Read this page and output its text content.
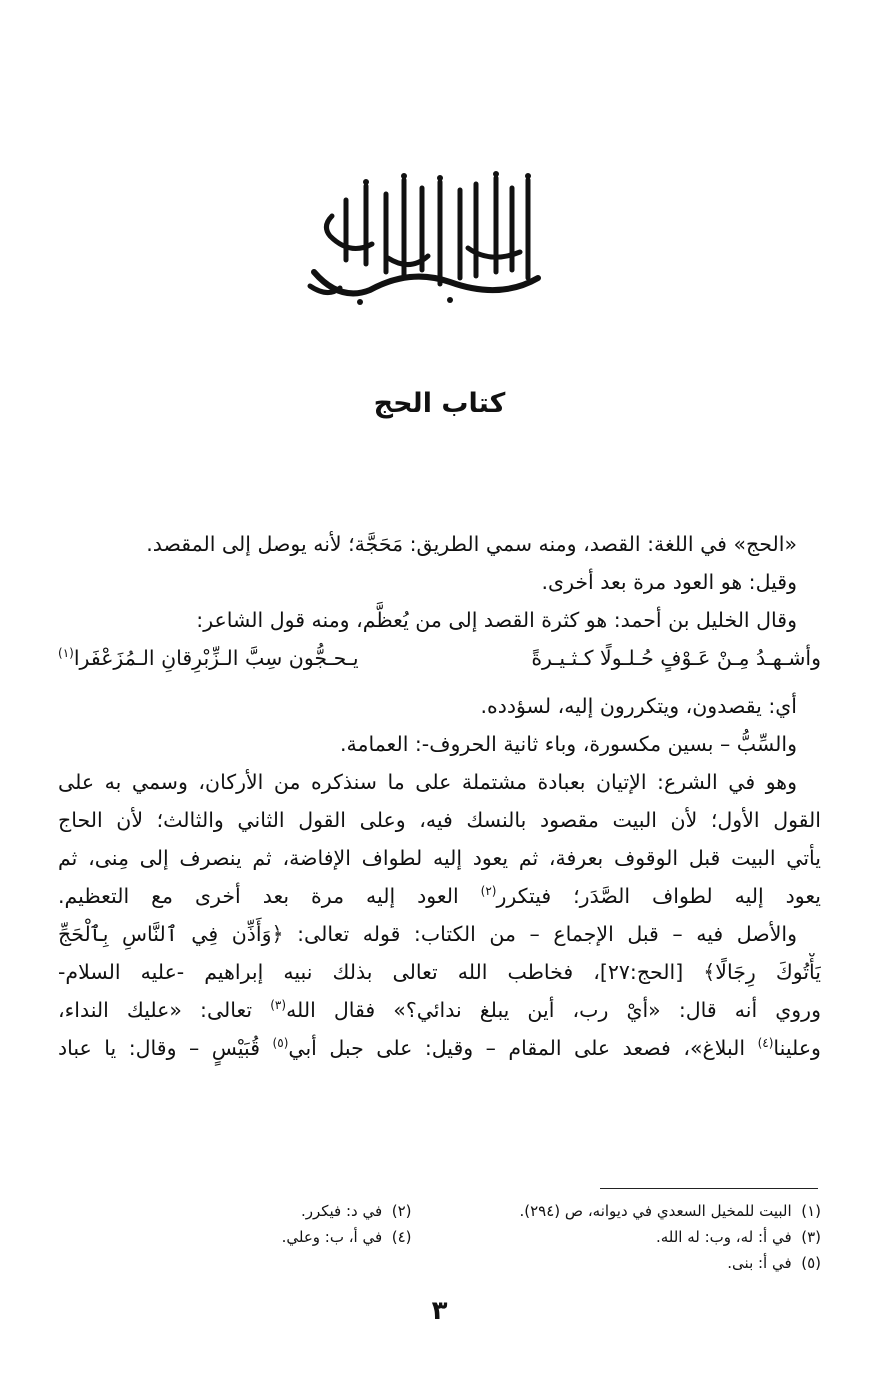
كتاب الحج
«الحج» في اللغة: القصد، ومنه سمي الطريق: مَحَجَّة؛ لأنه يوصل إلى المقصد.
وقيل: هو العود مرة بعد أخرى.
وقال الخليل بن أحمد: هو كثرة القصد إلى من يُعظَّم، ومنه قول الشاعر:
وأشـهـدُ مِـنْ عَـوْفٍ حُـلـولًا كـثـيـرةً
يـحـجُّون سِبَّ الـزِّبْرِقانِ الـمُزَعْفَرا$^{(١)}$
أي: يقصدون، ويتكررون إليه، لسؤدده.
والسِّبُّ – بسين مكسورة، وباء ثانية الحروف-: العمامة.
وهو في الشرع: الإتيان بعبادة مشتملة على ما سنذكره من الأركان، وسمي به على
القول الأول؛ لأن البيت مقصود بالنسك فيه، وعلى القول الثاني والثالث؛ لأن الحاج
يأتي البيت قبل الوقوف بعرفة، ثم يعود إليه لطواف الإفاضة، ثم ينصرف إلى مِنى، ثم
يعود إليه لطواف الصَّدَر؛ فيتكرر$^{(٢)}$ العود إليه مرة بعد أخرى مع التعظيم.
والأصل فيه – قبل الإجماع – من الكتاب: قوله تعالى: ﴿وَأَذِّن فِي ٱلنَّاسِ بِٱلْحَجِّ
يَأْتُوكَ رِجَالًا﴾ [الحج:٢٧]، فخاطب الله تعالى بذلك نبيه إبراهيم -عليه السلام-
وروي أنه قال: «أيْ رب، أين يبلغ ندائي؟» فقال الله$^{(٣)}$ تعالى: «عليك النداء،
وعلينا$^{(٤)}$ البلاغ»، فصعد على المقام – وقيل: على جبل أبي$^{(٥)}$ قُبَيْسٍ – وقال: يا عباد
(١)  البيت للمخيل السعدي في ديوانه، ص (٢٩٤).
(٢)  في د: فيكرر.
(٣)  في أ: له، وب: له الله.
(٤)  في أ، ب: وعلي.
(٥)  في أ: بنى.
٣
